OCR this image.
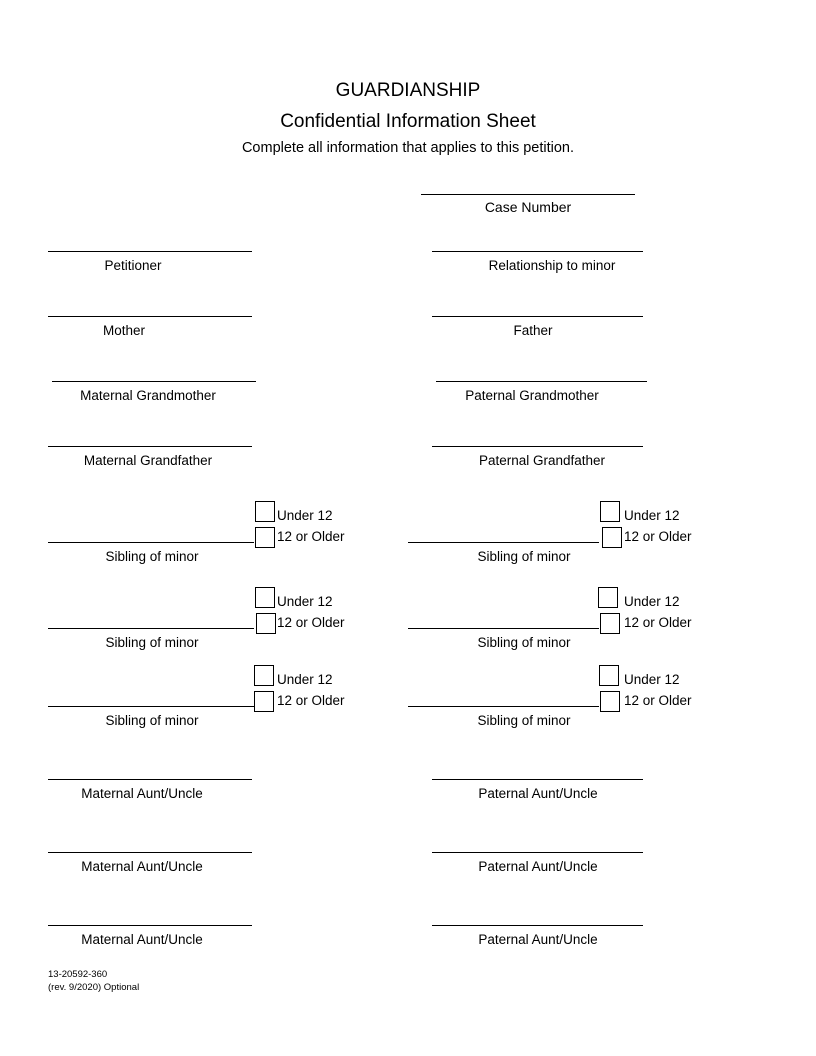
GUARDIANSHIP
Confidential Information Sheet
Complete all information that applies to this petition.
Case Number
Petitioner	Relationship to minor
Mother	Father
Maternal Grandmother	Paternal Grandmother
Maternal Grandfather	Paternal Grandfather
Under 12
12 or Older
Sibling of minor
Under 12
12 or Older
Sibling of minor
Under 12
12 or Older
Sibling of minor
Under 12
12 or Older
Sibling of minor
Under 12
12 or Older
Sibling of minor
Under 12
12 or Older
Sibling of minor
Maternal Aunt/Uncle	Paternal Aunt/Uncle
Maternal Aunt/Uncle	Paternal Aunt/Uncle
Maternal Aunt/Uncle	Paternal Aunt/Uncle
13-20592-360
(rev. 9/2020) Optional
